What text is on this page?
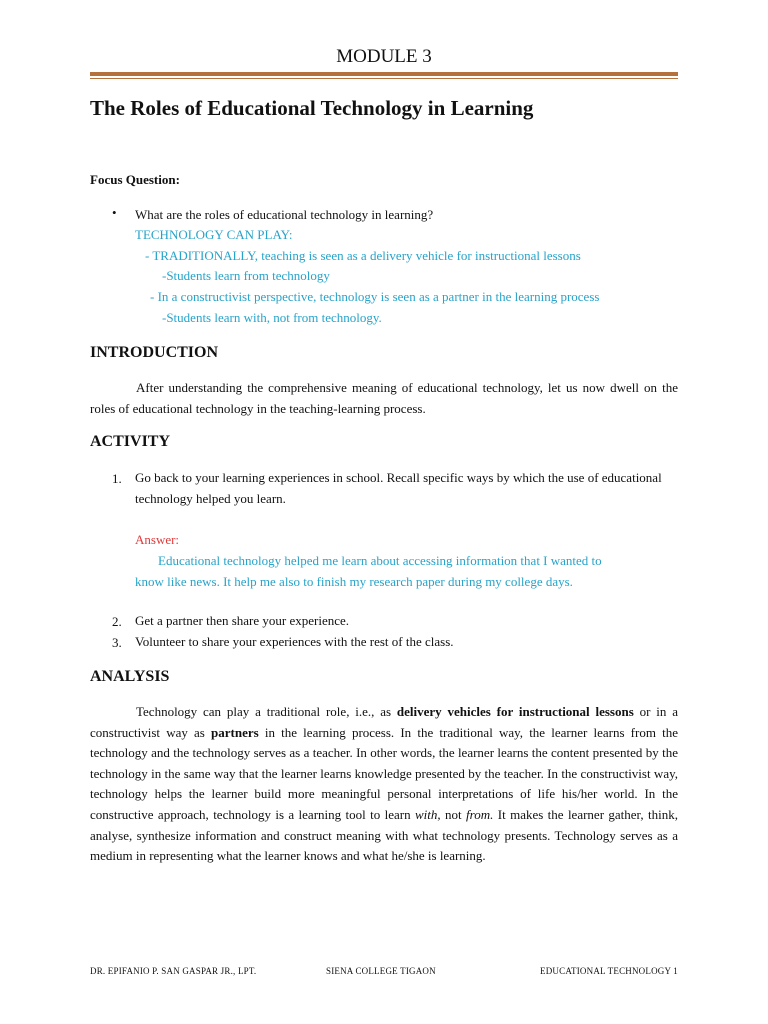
MODULE 3
The Roles of Educational Technology in Learning
Focus Question:
• What are the roles of educational technology in learning?
TECHNOLOGY CAN PLAY:
- TRADITIONALLY, teaching is seen as a delivery vehicle for instructional lessons
-Students learn from technology
- In a constructivist perspective, technology is seen as a partner in the learning process
-Students learn with, not from technology.
INTRODUCTION
After understanding the comprehensive meaning of educational technology, let us now dwell on the roles of educational technology in the teaching-learning process.
ACTIVITY
1. Go back to your learning experiences in school. Recall specific ways by which the use of educational technology helped you learn.
Answer:
Educational technology helped me learn about accessing information that I wanted to
know like news. It help me also to finish my research paper during my college days.
2. Get a partner then share your experience.
3. Volunteer to share your experiences with the rest of the class.
ANALYSIS
Technology can play a traditional role, i.e., as delivery vehicles for instructional lessons or in a constructivist way as partners in the learning process. In the traditional way, the learner learns from the technology and the technology serves as a teacher. In other words, the learner learns the content presented by the technology in the same way that the learner learns knowledge presented by the teacher. In the constructivist way, technology helps the learner build more meaningful personal interpretations of life his/her world. In the constructive approach, technology is a learning tool to learn with, not from. It makes the learner gather, think, analyse, synthesize information and construct meaning with what technology presents. Technology serves as a medium in representing what the learner knows and what he/she is learning.
DR. EPIFANIO P. SAN GASPAR JR., LPT.	SIENA COLLEGE TIGAON	EDUCATIONAL TECHNOLOGY 1
